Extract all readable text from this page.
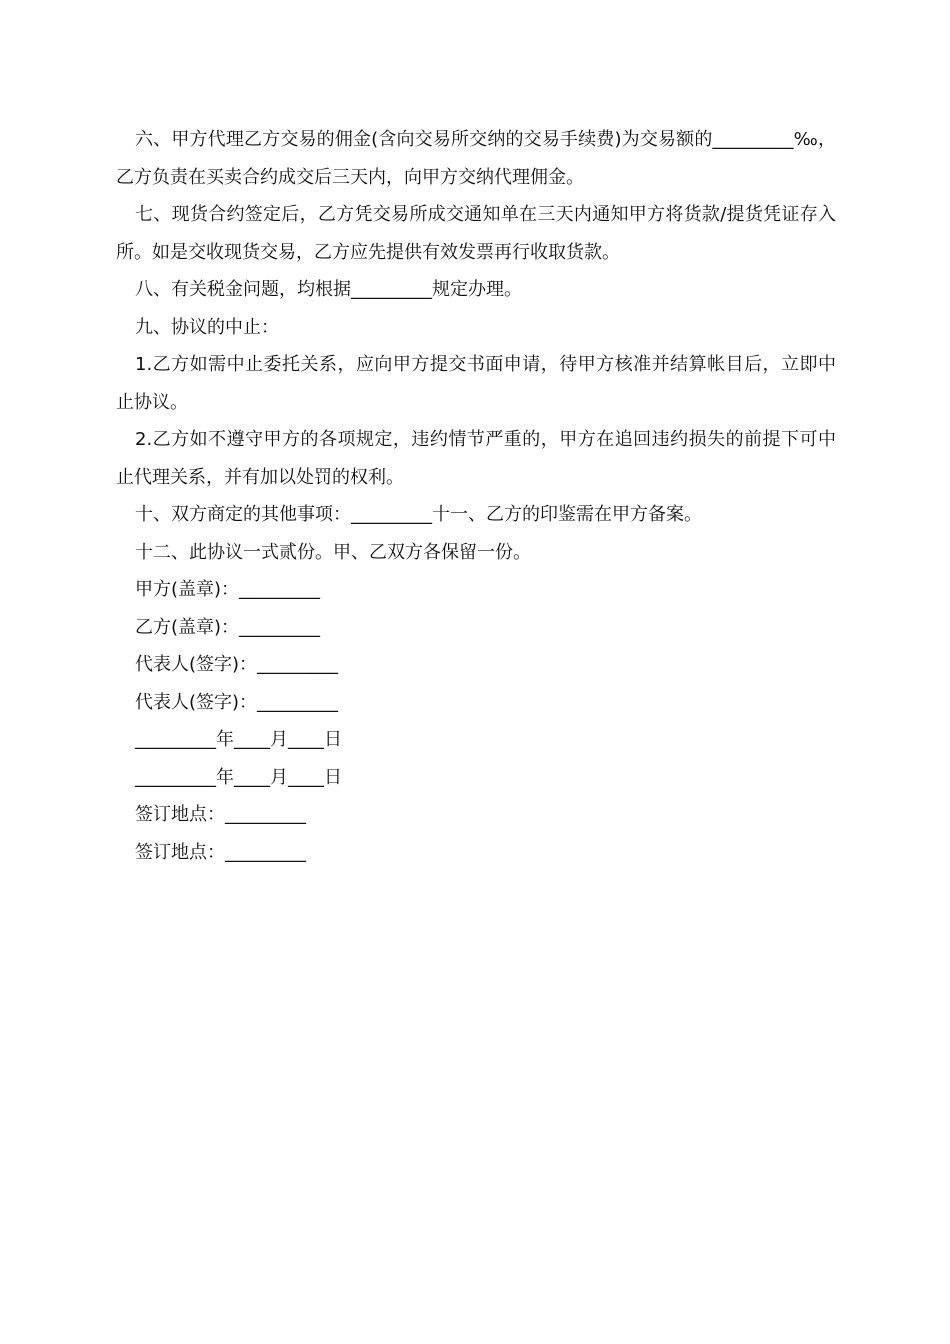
六、甲方代理乙方交易的佣金(含向交易所交纳的交易手续费)为交易额的_________‰，乙方负责在买卖合约成交后三天内，向甲方交纳代理佣金。

七、现货合约签定后，乙方凭交易所成交通知单在三天内通知甲方将货款/提货凭证存入所。如是交收现货交易，乙方应先提供有效发票再行收取货款。

八、有关税金问题，均根据_________规定办理。

九、协议的中止：

1.乙方如需中止委托关系，应向甲方提交书面申请，待甲方核准并结算帐目后，立即中止协议。

2.乙方如不遵守甲方的各项规定，违约情节严重的，甲方在追回违约损失的前提下可中止代理关系，并有加以处罚的权利。

十、双方商定的其他事项：_________十一、乙方的印鉴需在甲方备案。

十二、此协议一式贰份。甲、乙双方各保留一份。

甲方(盖章)：_________

乙方(盖章)：_________

代表人(签字)：_________

代表人(签字)：_________

_________年____月____日

_________年____月____日

签订地点：_________

签订地点：_________
